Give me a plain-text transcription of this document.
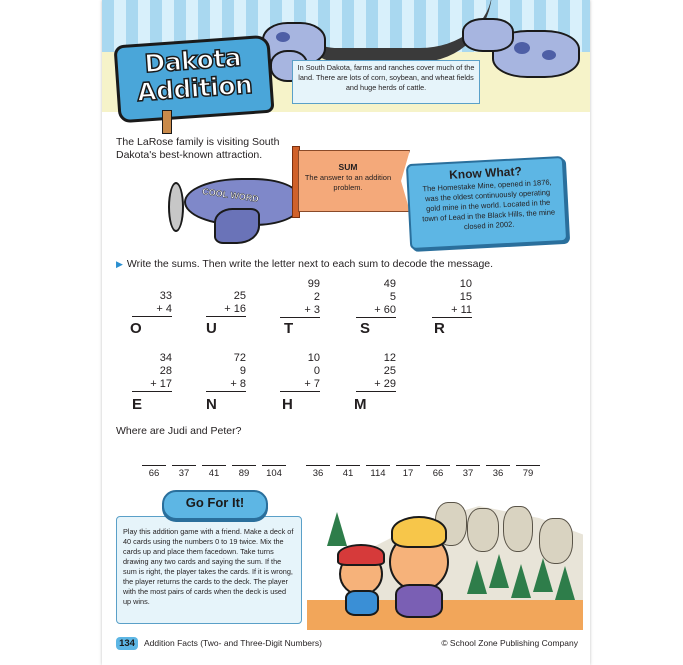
Dakota
Addition
In South Dakota, farms and ranches cover much of the land. There are lots of corn, soybean, and wheat fields and huge herds of cattle.
The LaRose family is visiting South Dakota's best-known attraction.
COOL WORD
SUM
The answer to an addition problem.
Know What?
The Homestake Mine, opened in 1876, was the oldest continuously operating gold mine in the world. Located in the town of Lead in the Black Hills, the mine closed in 2002.
▶ Write the sums. Then write the letter next to each sum to decode the message.
33
+ 4
O
25
+ 16
U
99
2
+ 3
T
49
5
+ 60
S
10
15
+ 11
R
34
28
+ 17
E
72
9
+ 8
N
10
0
+ 7
H
12
25
+ 29
M
Where are Judi and Peter?
66	37	41	89	104	36	41	114	17	66	37	36	79
Play this addition game with a friend. Make a deck of 40 cards using the numbers 0 to 19 twice. Mix the cards up and place them facedown. Take turns drawing any two cards and saying the sum. If the sum is right, the player takes the cards. If it is wrong, the player returns the cards to the deck. The player with the most pairs of cards when the deck is used up wins.
Go For It!
134	Addition Facts (Two- and Three-Digit Numbers)	© School Zone Publishing Company
